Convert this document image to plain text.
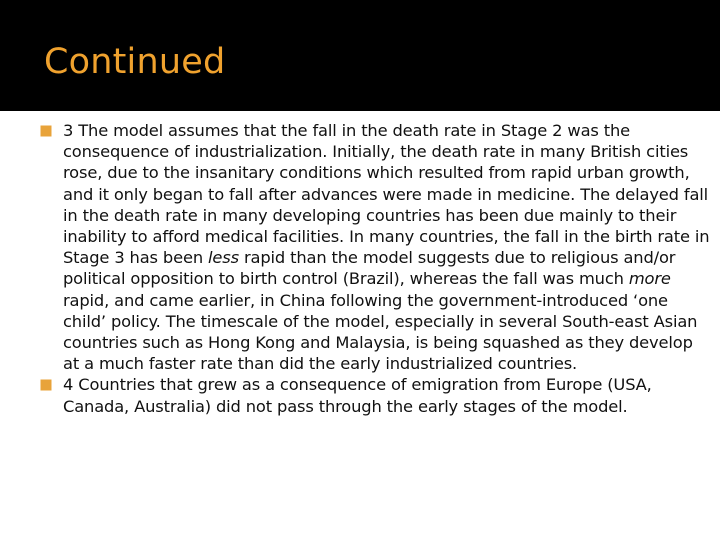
Continued
3 The model assumes that the fall in the death rate in Stage 2 was the consequence of industrialization. Initially, the death rate in many British cities rose, due to the insanitary conditions which resulted from rapid urban growth, and it only began to fall after advances were made in medicine. The delayed fall in the death rate in many developing countries has been due mainly to their inability to afford medical facilities. In many countries, the fall in the birth rate in Stage 3 has been less rapid than the model suggests due to religious and/or political opposition to birth control (Brazil), whereas the fall was much more rapid, and came earlier, in China following the government-introduced ‘one child’ policy. The timescale of the model, especially in several South-east Asian countries such as Hong Kong and Malaysia, is being squashed as they develop at a much faster rate than did the early industrialized countries.
4 Countries that grew as a consequence of emigration from Europe (USA, Canada, Australia) did not pass through the early stages of the model.
